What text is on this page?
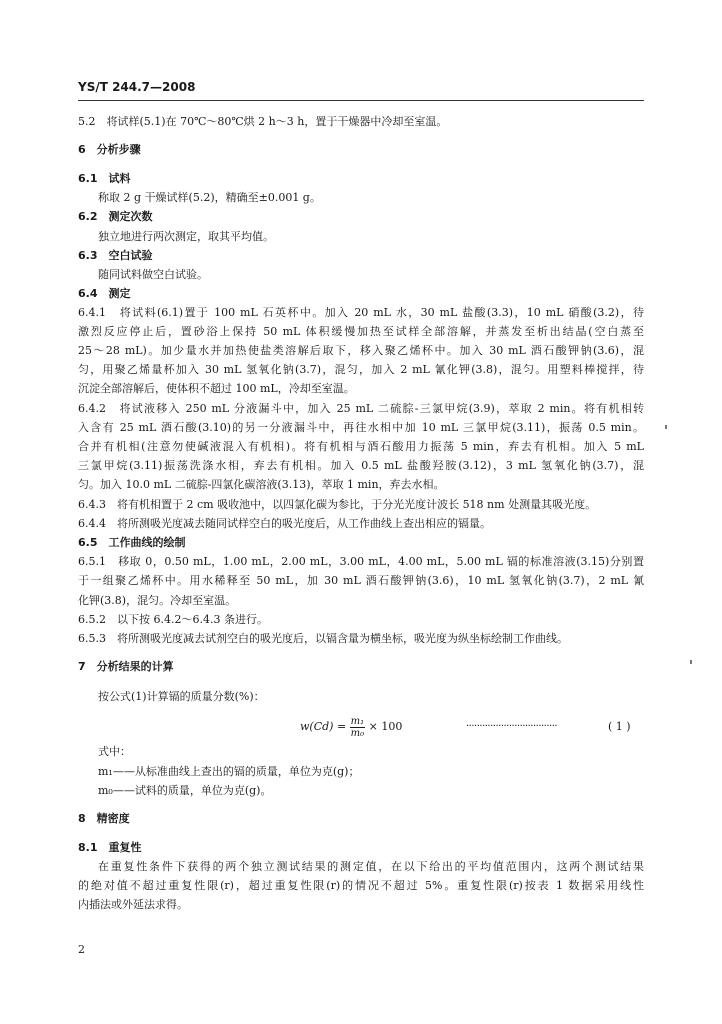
YS/T 244.7—2008
5.2　将试样(5.1)在 70℃～80℃烘 2 h～3 h，置于干燥器中冷却至室温。
6　分析步骤
6.1　试料
称取 2 g 干燥试样(5.2)，精确至±0.001 g。
6.2　测定次数
独立地进行两次测定，取其平均值。
6.3　空白试验
随同试料做空白试验。
6.4　测定
6.4.1　将试料(6.1)置于 100 mL 石英杯中。加入 20 mL 水，30 mL 盐酸(3.3)，10 mL 硝酸(3.2)，待
激烈反应停止后，置砂浴上保持 50 mL 体积缓慢加热至试样全部溶解，并蒸发至析出结晶(空白蒸至
25～28 mL)。加少量水并加热使盐类溶解后取下，移入聚乙烯杯中。加入 30 mL 酒石酸钾钠(3.6)，混
匀，用聚乙烯量杯加入 30 mL 氢氧化钠(3.7)，混匀，加入 2 mL 氰化钾(3.8)，混匀。用塑料棒搅拌，待
沉淀全部溶解后，使体积不超过 100 mL，冷却至室温。
6.4.2　将试液移入 250 mL 分液漏斗中，加入 25 mL 二硫腙-三氯甲烷(3.9)，萃取 2 min。将有机相转
入含有 25 mL 酒石酸(3.10)的另一分液漏斗中，再往水相中加 10 mL 三氯甲烷(3.11)，振荡 0.5 min。
合并有机相(注意勿使碱液混入有机相)。将有机相与酒石酸用力振荡 5 min，弃去有机相。加入 5 mL
三氯甲烷(3.11)振荡洗涤水相，弃去有机相。加入 0.5 mL 盐酸羟胺(3.12)，3 mL 氢氧化钠(3.7)，混
匀。加入 10.0 mL 二硫腙-四氯化碳溶液(3.13)，萃取 1 min，弃去水相。
6.4.3　将有机相置于 2 cm 吸收池中，以四氯化碳为参比，于分光光度计波长 518 nm 处测量其吸光度。
6.4.4　将所测吸光度减去随同试样空白的吸光度后，从工作曲线上查出相应的镉量。
6.5　工作曲线的绘制
6.5.1　移取 0，0.50 mL，1.00 mL，2.00 mL，3.00 mL，4.00 mL，5.00 mL 镉的标准溶液(3.15)分别置
于一组聚乙烯杯中。用水稀释至 50 mL，加 30 mL 酒石酸钾钠(3.6)，10 mL 氢氧化钠(3.7)，2 mL 氰
化钾(3.8)，混匀。冷却至室温。
6.5.2　以下按 6.4.2～6.4.3 条进行。
6.5.3　将所测吸光度减去试剂空白的吸光度后，以镉含量为横坐标，吸光度为纵坐标绘制工作曲线。
7　分析结果的计算
按公式(1)计算镉的质量分数(%)：
$w(Cd) = \frac{\text{m₁}}{\text{m₀}} \times 100$	··································	( 1 )
式中：
m₁——从标准曲线上查出的镉的质量，单位为克(g)；
m₀——试料的质量，单位为克(g)。
8　精密度
8.1　重复性
在重复性条件下获得的两个独立测试结果的测定值，在以下给出的平均值范围内，这两个测试结果
的绝对值不超过重复性限(r)，超过重复性限(r)的情况不超过 5%。重复性限(r)按表 1 数据采用线性
内插法或外延法求得。
2
